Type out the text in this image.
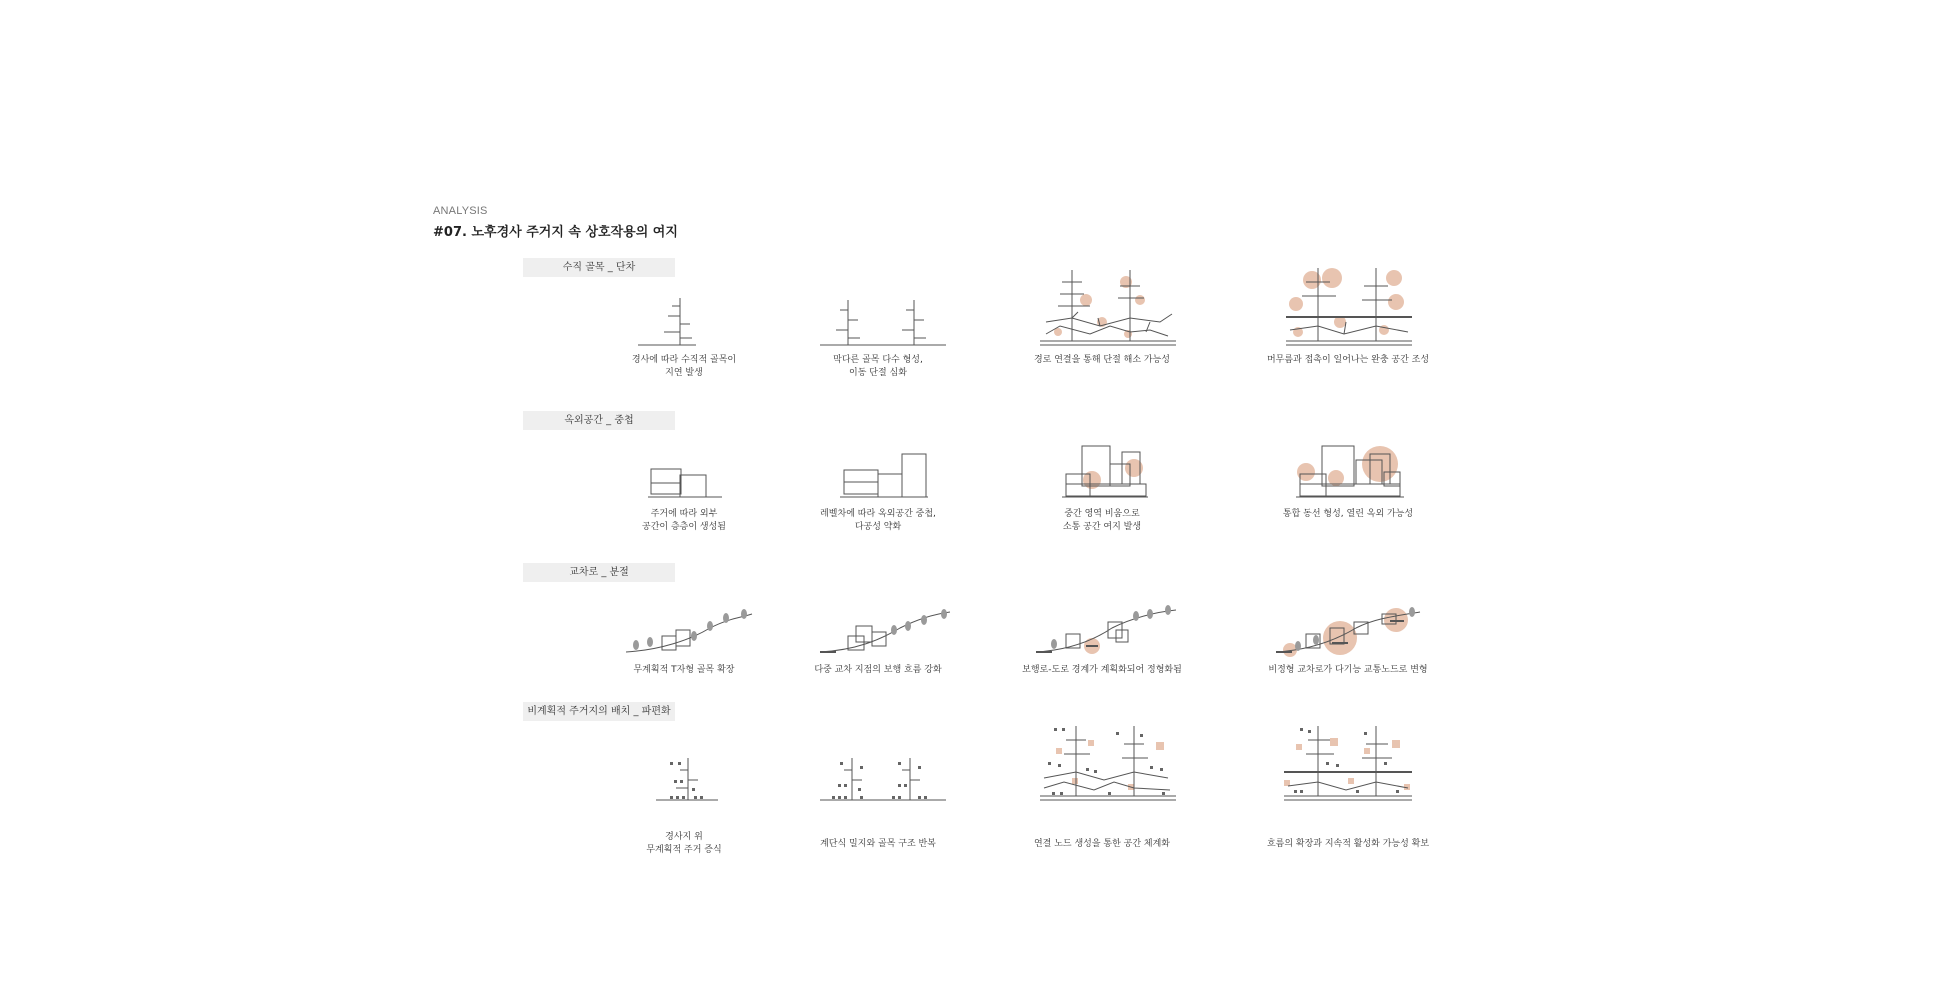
ANALYSIS
#07. 노후경사 주거지 속 상호작용의 여지
수직 골목 _ 단차
옥외공간 _ 중첩
교차로 _ 분절
비계획적 주거지의 배치 _ 파편화
경사에 따라 수직적 골목이
지연 발생
막다른 골목 다수 형성,
이동 단절 심화
경로 연결을 통해 단절 해소 가능성	머무름과 접촉이 일어나는 완충 공간 조성
주거에 따라 외부
공간이 층층이 생성됨
레벨차에 따라 옥외공간 중첩,
다공성 약화
중간 영역 비움으로
소통 공간 여지 발생
통합 동선 형성, 열린 옥외 가능성
무계획적 T자형 골목 확장	다중 교차 지점의 보행 흐름 강화	보행로-도로 경계가 계획화되어 정형화됨	비정형 교차로가 다기능 교통노드로 변형
경사지 위
무계획적 주거 증식
계단식 밀지와 골목 구조 반복	연결 노드 생성을 통한 공간 체계화	흐름의 확장과 지속적 활성화 가능성 확보
